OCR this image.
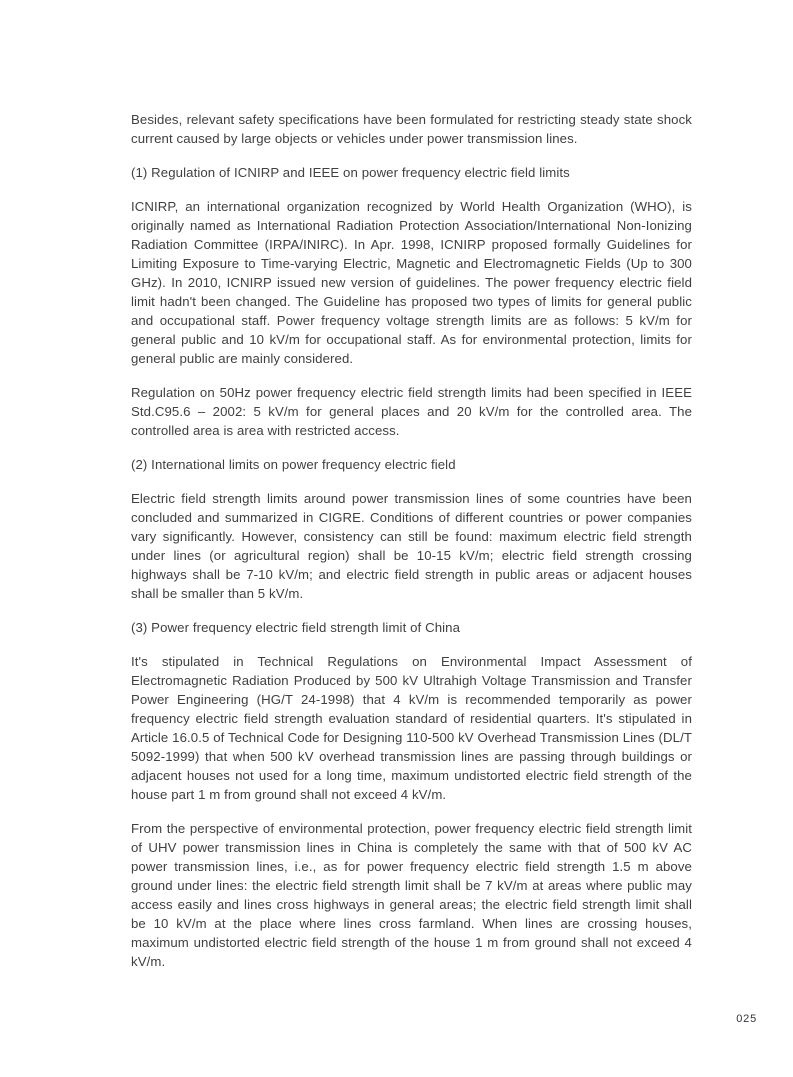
Besides, relevant safety specifications have been formulated for restricting steady state shock current caused by large objects or vehicles under power transmission lines.

(1) Regulation of ICNIRP and IEEE on power frequency electric field limits

ICNIRP, an international organization recognized by World Health Organization (WHO), is originally named as International Radiation Protection Association/International Non-Ionizing Radiation Committee (IRPA/INIRC). In Apr. 1998, ICNIRP proposed formally Guidelines for Limiting Exposure to Time-varying Electric, Magnetic and Electromagnetic Fields (Up to 300 GHz). In 2010, ICNIRP issued new version of guidelines. The power frequency electric field limit hadn't been changed. The Guideline has proposed two types of limits for general public and occupational staff. Power frequency voltage strength limits are as follows: 5 kV/m for general public and 10 kV/m for occupational staff. As for environmental protection, limits for general public are mainly considered.

Regulation on 50Hz power frequency electric field strength limits had been specified in IEEE Std.C95.6 – 2002: 5 kV/m for general places and 20 kV/m for the controlled area. The controlled area is area with restricted access.

(2) International limits on power frequency electric field

Electric field strength limits around power transmission lines of some countries have been concluded and summarized in CIGRE. Conditions of different countries or power companies vary significantly. However, consistency can still be found: maximum electric field strength under lines (or agricultural region) shall be 10-15 kV/m; electric field strength crossing highways shall be 7-10 kV/m; and electric field strength in public areas or adjacent houses shall be smaller than 5 kV/m.

(3) Power frequency electric field strength limit of China

It's stipulated in Technical Regulations on Environmental Impact Assessment of Electromagnetic Radiation Produced by 500 kV Ultrahigh Voltage Transmission and Transfer Power Engineering (HG/T 24-1998) that 4 kV/m is recommended temporarily as power frequency electric field strength evaluation standard of residential quarters. It's stipulated in Article 16.0.5 of Technical Code for Designing 110-500 kV Overhead Transmission Lines (DL/T 5092-1999) that when 500 kV overhead transmission lines are passing through buildings or adjacent houses not used for a long time, maximum undistorted electric field strength of the house part 1 m from ground shall not exceed 4 kV/m.

From the perspective of environmental protection, power frequency electric field strength limit of UHV power transmission lines in China is completely the same with that of 500 kV AC power transmission lines, i.e., as for power frequency electric field strength 1.5 m above ground under lines: the electric field strength limit shall be 7 kV/m at areas where public may access easily and lines cross highways in general areas; the electric field strength limit shall be 10 kV/m at the place where lines cross farmland. When lines are crossing houses, maximum undistorted electric field strength of the house 1 m from ground shall not exceed 4 kV/m.

025
